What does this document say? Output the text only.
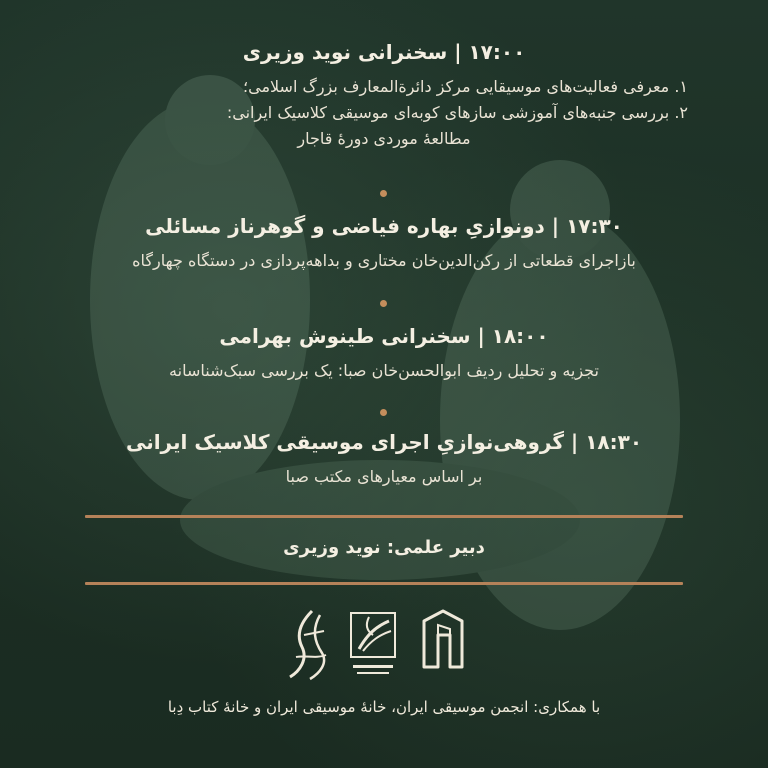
۱۷:۰۰ | سخنرانی نوید وزیری
۱. معرفی فعالیت‌های موسیقایی مرکز دائرةالمعارف بزرگ اسلامی؛
۲. بررسی جنبه‌های آموزشی سازهای کوبه‌ای موسیقی کلاسیک ایرانی:
مطالعهٔ موردی دورهٔ قاجار
۱۷:۳۰ | دونوازیِ بهاره فیاضی و گوهرناز مسائلی
بازاجرای قطعاتی از رکن‌الدین‌خان مختاری و بداهه‌پردازی در دستگاه چهارگاه
۱۸:۰۰ | سخنرانی طینوش بهرامی
تجزیه و تحلیل ردیف ابوالحسن‌خان صبا: یک بررسی سبک‌شناسانه
۱۸:۳۰ | گروهی‌نوازیِ اجرای موسیقی کلاسیک ایرانی
بر اساس معیارهای مکتب صبا
دبیر علمی: نوید وزیری
با همکاری: انجمن موسیقی ایران، خانهٔ موسیقی ایران و خانهٔ کتاب دِبا
